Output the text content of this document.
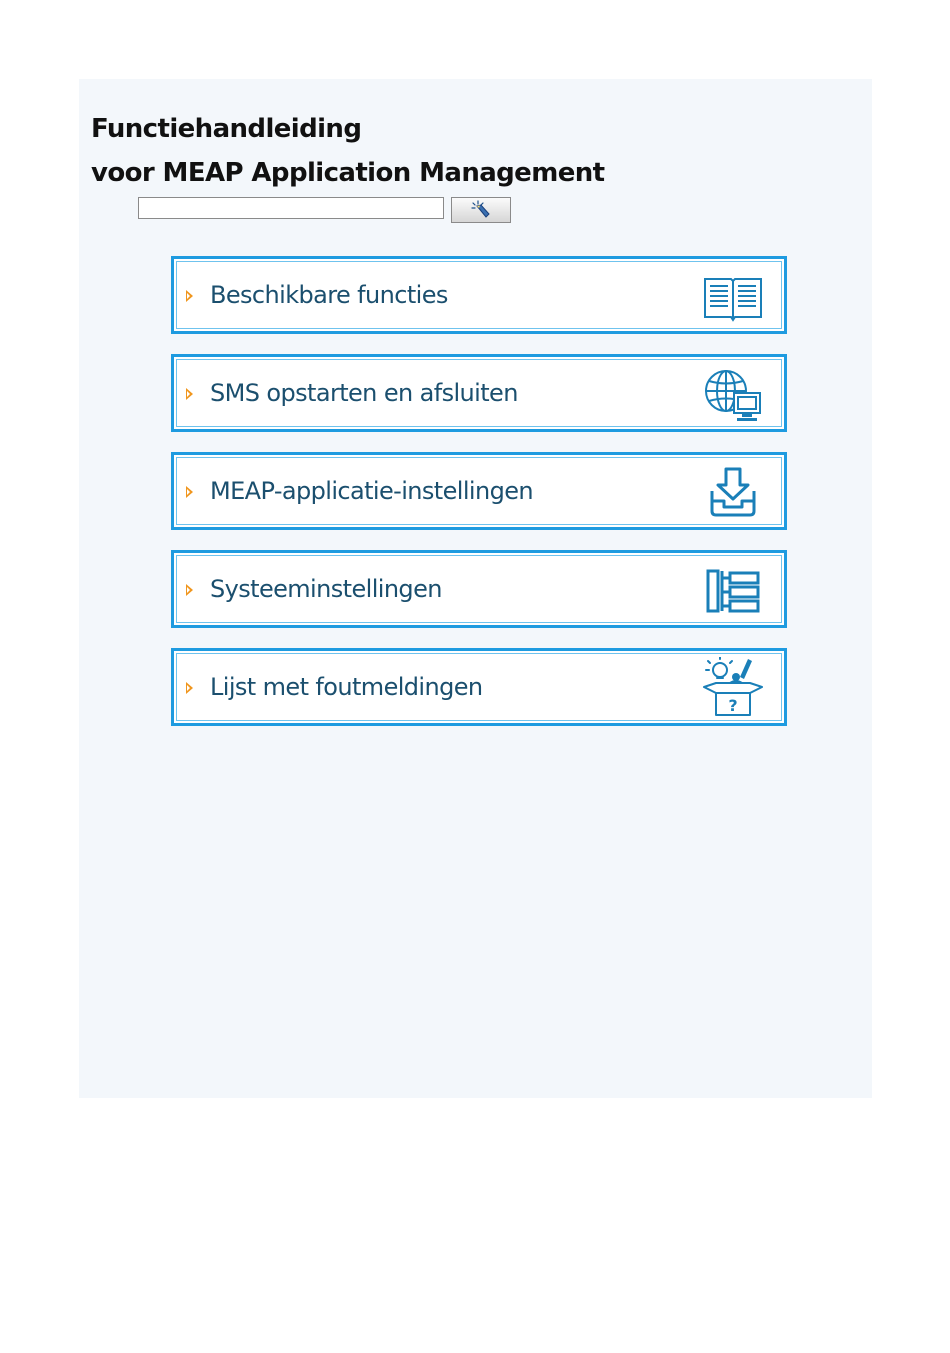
Functiehandleiding
voor MEAP Application Management
Beschikbare functies
SMS opstarten en afsluiten
MEAP-applicatie-instellingen
Systeeminstellingen
Lijst met foutmeldingen
?
